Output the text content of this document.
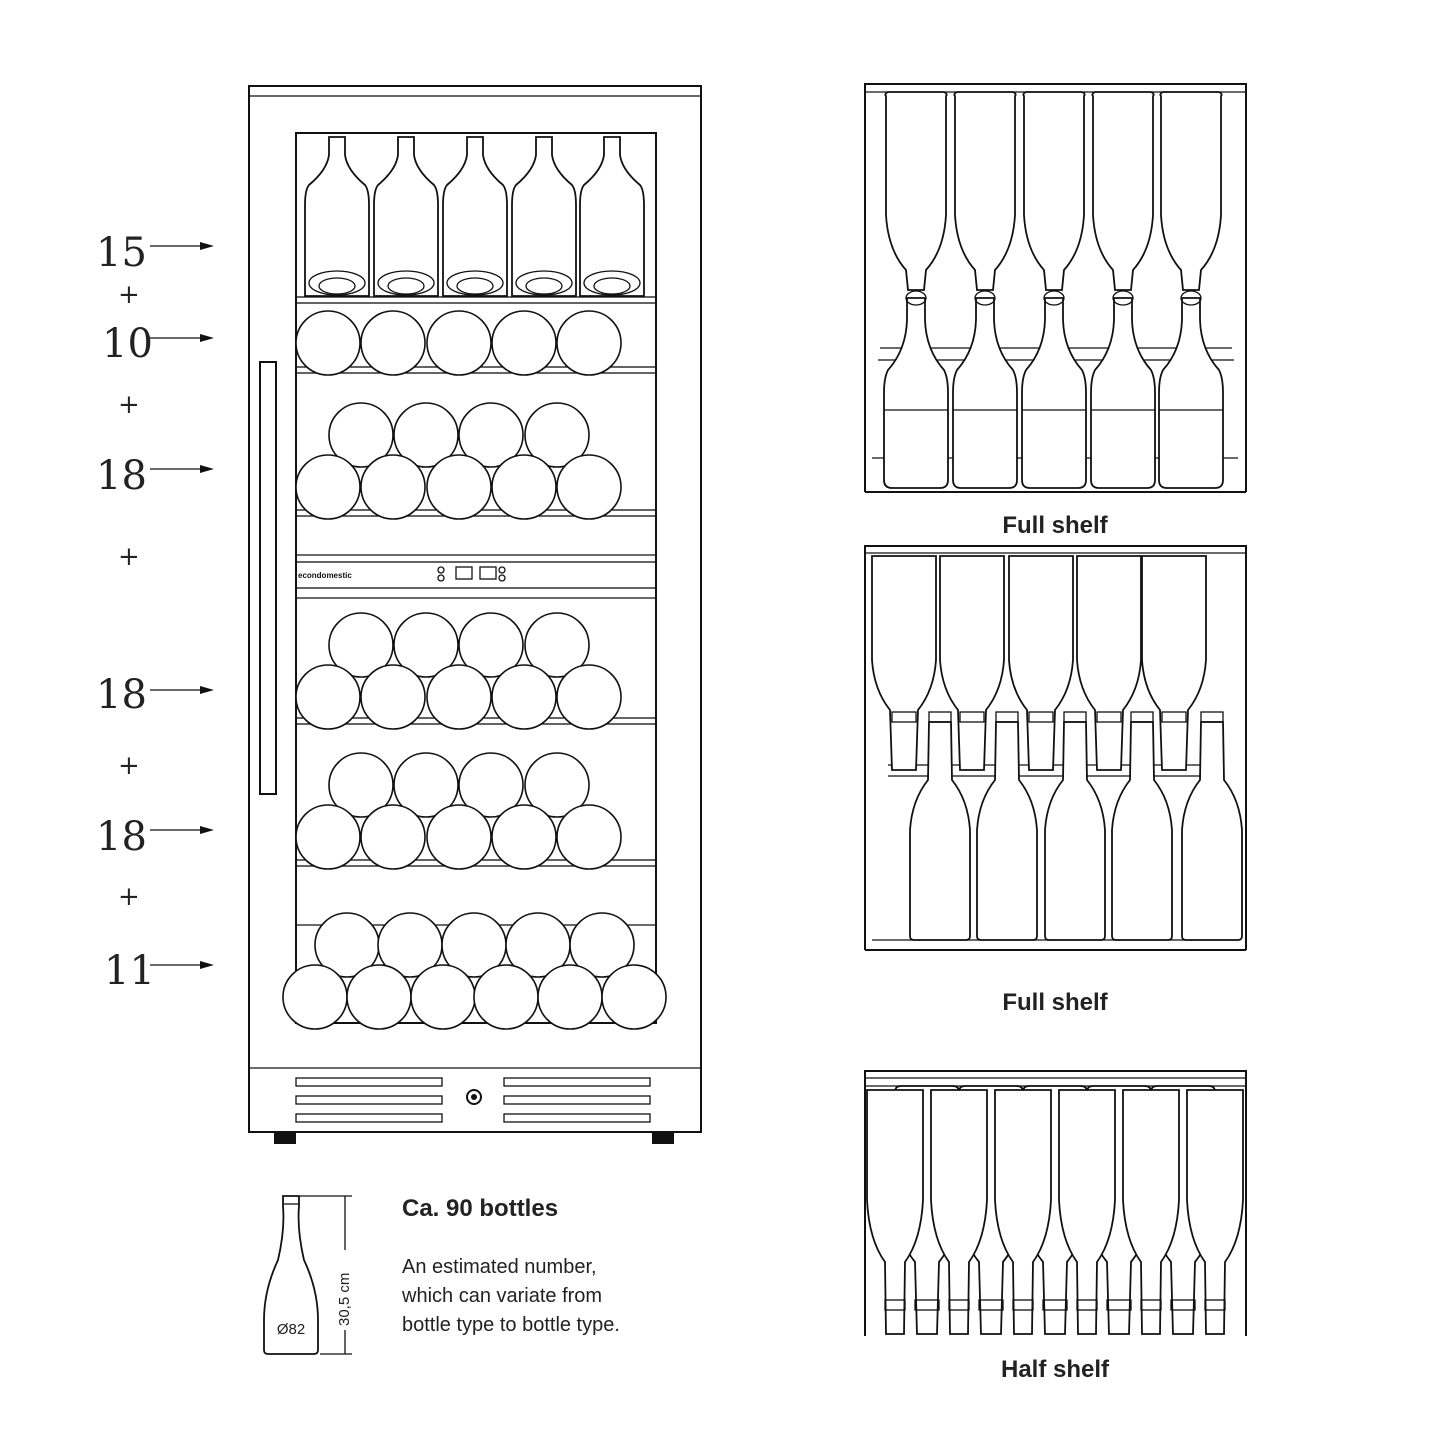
econdomestic
15
10
18
18
18
11
+
+
+
+
+
Full shelf
Full shelf
Half shelf
Ø82
30,5 cm
Ca. 90 bottles
An estimated number,
which can variate from
bottle type to bottle type.
